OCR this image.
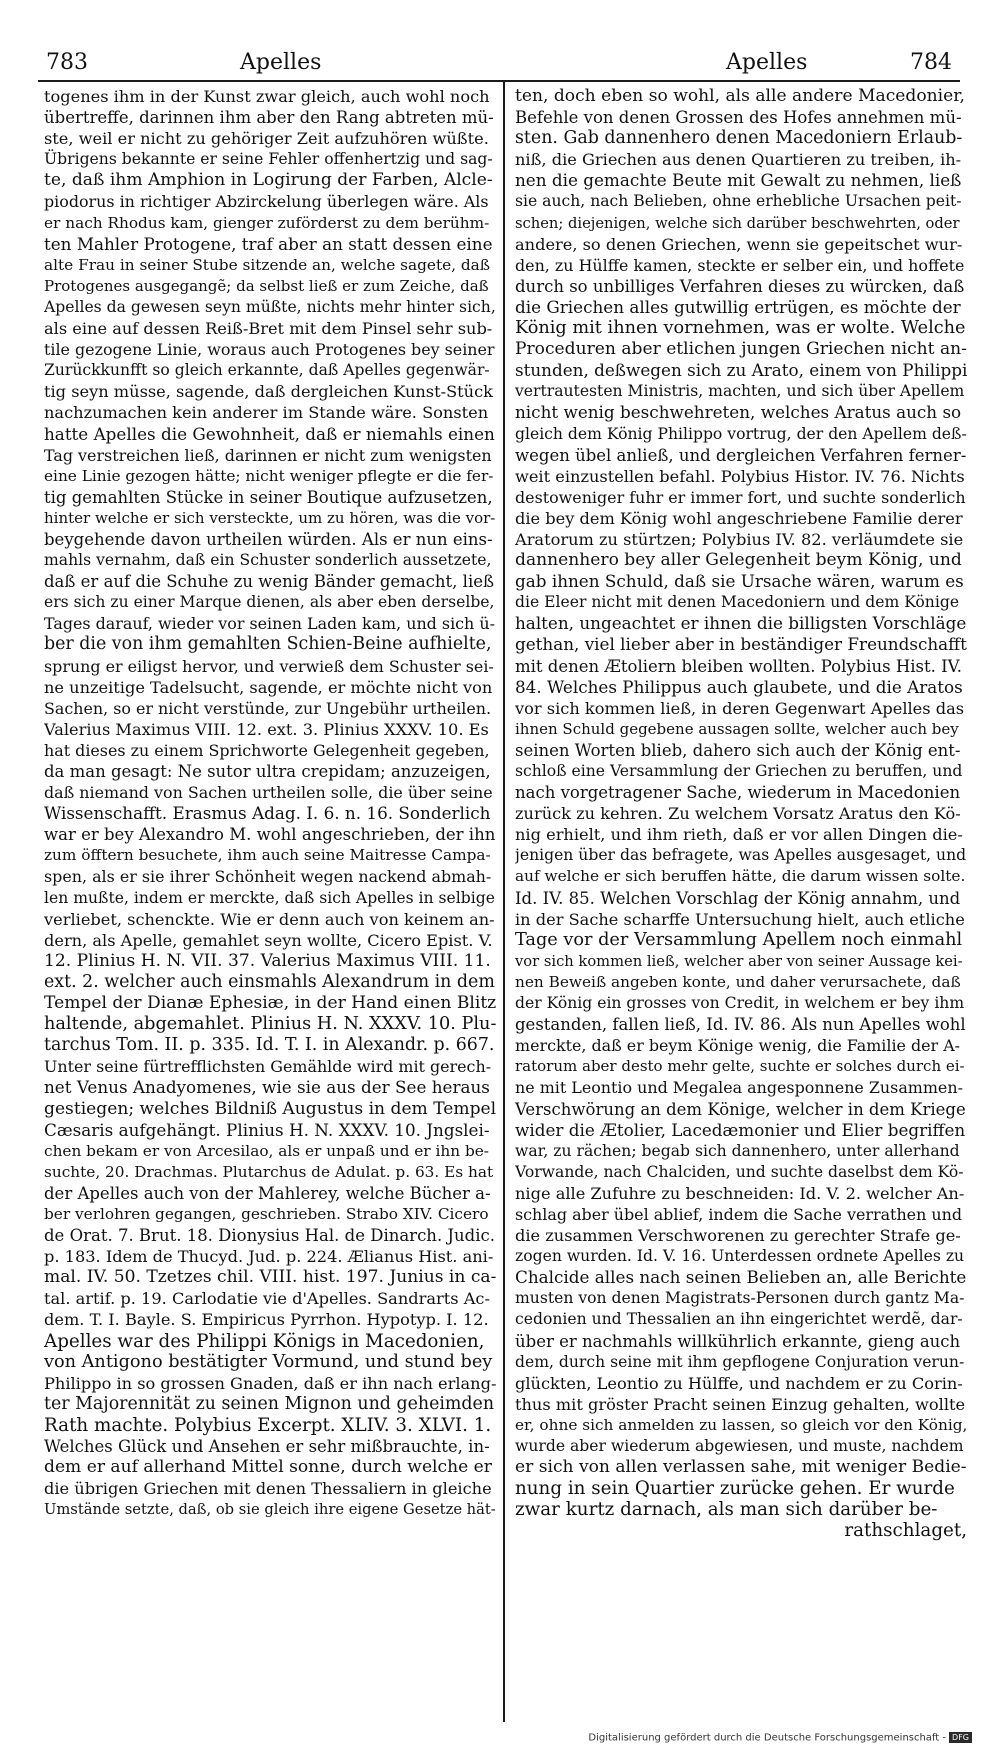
783	Apelles	Apelles	784
togenes ihm in der Kunst zwar gleich, auch wohl noch
übertreffe, darinnen ihm aber den Rang abtreten mü-
ste, weil er nicht zu gehöriger Zeit aufzuhören wüßte.
Übrigens bekannte er seine Fehler offenhertzig und sag-
te, daß ihm Amphion in Logirung der Farben, Alcle-
piodorus in richtiger Abzirckelung überlegen wäre. Als
er nach Rhodus kam, gienger zuförderst zu dem berühm-
ten Mahler Protogene, traf aber an statt dessen eine
alte Frau in seiner Stube sitzende an, welche sagete, daß
Protogenes ausgegangẽ; da selbst ließ er zum Zeiche, daß
Apelles da gewesen seyn müßte, nichts mehr hinter sich,
als eine auf dessen Reiß-Bret mit dem Pinsel sehr sub-
tile gezogene Linie, woraus auch Protogenes bey seiner
Zurückkunfft so gleich erkannte, daß Apelles gegenwär-
tig seyn müsse, sagende, daß dergleichen Kunst-Stück
nachzumachen kein anderer im Stande wäre. Sonsten
hatte Apelles die Gewohnheit, daß er niemahls einen
Tag verstreichen ließ, darinnen er nicht zum wenigsten
eine Linie gezogen hätte; nicht weniger pflegte er die fer-
tig gemahlten Stücke in seiner Boutique aufzusetzen,
hinter welche er sich versteckte, um zu hören, was die vor-
beygehende davon urtheilen würden. Als er nun eins-
mahls vernahm, daß ein Schuster sonderlich aussetzete,
daß er auf die Schuhe zu wenig Bänder gemacht, ließ
ers sich zu einer Marque dienen, als aber eben derselbe,
Tages darauf, wieder vor seinen Laden kam, und sich ü-
ber die von ihm gemahlten Schien-Beine aufhielte,
sprung er eiligst hervor, und verwieß dem Schuster sei-
ne unzeitige Tadelsucht, sagende, er möchte nicht von
Sachen, so er nicht verstünde, zur Ungebühr urtheilen.
Valerius Maximus VIII. 12. ext. 3. Plinius XXXV. 10. Es
hat dieses zu einem Sprichworte Gelegenheit gegeben,
da man gesagt: Ne sutor ultra crepidam; anzuzeigen,
daß niemand von Sachen urtheilen solle, die über seine
Wissenschafft. Erasmus Adag. I. 6. n. 16. Sonderlich
war er bey Alexandro M. wohl angeschrieben, der ihn
zum öfftern besuchete, ihm auch seine Maitresse Campa-
spen, als er sie ihrer Schönheit wegen nackend abmah-
len mußte, indem er merckte, daß sich Apelles in selbige
verliebet, schenckte. Wie er denn auch von keinem an-
dern, als Apelle, gemahlet seyn wollte, Cicero Epist. V.
12. Plinius H. N. VII. 37. Valerius Maximus VIII. 11.
ext. 2. welcher auch einsmahls Alexandrum in dem
Tempel der Dianæ Ephesiæ, in der Hand einen Blitz
haltende, abgemahlet. Plinius H. N. XXXV. 10. Plu-
tarchus Tom. II. p. 335. Id. T. I. in Alexandr. p. 667.
Unter seine fürtrefflichsten Gemählde wird mit gerech-
net Venus Anadyomenes, wie sie aus der See heraus
gestiegen; welches Bildniß Augustus in dem Tempel
Cæsaris aufgehängt. Plinius H. N. XXXV. 10. Jngslei-
chen bekam er von Arcesilao, als er unpaß und er ihn be-
suchte, 20. Drachmas. Plutarchus de Adulat. p. 63. Es hat
der Apelles auch von der Mahlerey, welche Bücher a-
ber verlohren gegangen, geschrieben. Strabo XIV. Cicero
de Orat. 7. Brut. 18. Dionysius Hal. de Dinarch. Judic.
p. 183. Idem de Thucyd. Jud. p. 224. Ælianus Hist. ani-
mal. IV. 50. Tzetzes chil. VIII. hist. 197. Junius in ca-
tal. artif. p. 19. Carlodatie vie d'Apelles. Sandrarts Ac-
dem. T. I. Bayle. S. Empiricus Pyrrhon. Hypotyp. I. 12.
Apelles war des Philippi Königs in Macedonien,
von Antigono bestätigter Vormund, und stund bey
Philippo in so grossen Gnaden, daß er ihn nach erlang-
ter Majorennität zu seinen Mignon und geheimden
Rath machte. Polybius Excerpt. XLIV. 3. XLVI. 1.
Welches Glück und Ansehen er sehr mißbrauchte, in-
dem er auf allerhand Mittel sonne, durch welche er
die übrigen Griechen mit denen Thessaliern in gleiche
Umstände setzte, daß, ob sie gleich ihre eigene Gesetze hät-
ten, doch eben so wohl, als alle andere Macedonier,
Befehle von denen Grossen des Hofes annehmen mü-
sten. Gab dannenhero denen Macedoniern Erlaub-
niß, die Griechen aus denen Quartieren zu treiben, ih-
nen die gemachte Beute mit Gewalt zu nehmen, ließ
sie auch, nach Belieben, ohne erhebliche Ursachen peit-
schen; diejenigen, welche sich darüber beschwehrten, oder
andere, so denen Griechen, wenn sie gepeitschet wur-
den, zu Hülffe kamen, steckte er selber ein, und hoffete
durch so unbilliges Verfahren dieses zu würcken, daß
die Griechen alles gutwillig ertrügen, es möchte der
König mit ihnen vornehmen, was er wolte. Welche
Proceduren aber etlichen jungen Griechen nicht an-
stunden, deßwegen sich zu Arato, einem von Philippi
vertrautesten Ministris, machten, und sich über Apellem
nicht wenig beschwehreten, welches Aratus auch so
gleich dem König Philippo vortrug, der den Apellem deß-
wegen übel anließ, und dergleichen Verfahren ferner-
weit einzustellen befahl. Polybius Histor. IV. 76. Nichts
destoweniger fuhr er immer fort, und suchte sonderlich
die bey dem König wohl angeschriebene Familie derer
Aratorum zu stürtzen; Polybius IV. 82. verläumdete sie
dannenhero bey aller Gelegenheit beym König, und
gab ihnen Schuld, daß sie Ursache wären, warum es
die Eleer nicht mit denen Macedoniern und dem Könige
halten, ungeachtet er ihnen die billigsten Vorschläge
gethan, viel lieber aber in beständiger Freundschafft
mit denen Ætoliern bleiben wollten. Polybius Hist. IV.
84. Welches Philippus auch glaubete, und die Aratos
vor sich kommen ließ, in deren Gegenwart Apelles das
ihnen Schuld gegebene aussagen sollte, welcher auch bey
seinen Worten blieb, dahero sich auch der König ent-
schloß eine Versammlung der Griechen zu beruffen, und
nach vorgetragener Sache, wiederum in Macedonien
zurück zu kehren. Zu welchem Vorsatz Aratus den Kö-
nig erhielt, und ihm rieth, daß er vor allen Dingen die-
jenigen über das befragete, was Apelles ausgesaget, und
auf welche er sich beruffen hätte, die darum wissen solte.
Id. IV. 85. Welchen Vorschlag der König annahm, und
in der Sache scharffe Untersuchung hielt, auch etliche
Tage vor der Versammlung Apellem noch einmahl
vor sich kommen ließ, welcher aber von seiner Aussage kei-
nen Beweiß angeben konte, und daher verursachete, daß
der König ein grosses von Credit, in welchem er bey ihm
gestanden, fallen ließ, Id. IV. 86. Als nun Apelles wohl
merckte, daß er beym Könige wenig, die Familie der A-
ratorum aber desto mehr gelte, suchte er solches durch ei-
ne mit Leontio und Megalea angesponnene Zusammen-
Verschwörung an dem Könige, welcher in dem Kriege
wider die Ætolier, Lacedæmonier und Elier begriffen
war, zu rächen; begab sich dannenhero, unter allerhand
Vorwande, nach Chalciden, und suchte daselbst dem Kö-
nige alle Zufuhre zu beschneiden: Id. V. 2. welcher An-
schlag aber übel ablief, indem die Sache verrathen und
die zusammen Verschworenen zu gerechter Strafe ge-
zogen wurden. Id. V. 16. Unterdessen ordnete Apelles zu
Chalcide alles nach seinen Belieben an, alle Berichte
musten von denen Magistrats-Personen durch gantz Ma-
cedonien und Thessalien an ihn eingerichtet werdẽ, dar-
über er nachmahls willkührlich erkannte, gieng auch
dem, durch seine mit ihm gepflogene Conjuration verun-
glückten, Leontio zu Hülffe, und nachdem er zu Corin-
thus mit gröster Pracht seinen Einzug gehalten, wollte
er, ohne sich anmelden zu lassen, so gleich vor den König,
wurde aber wiederum abgewiesen, und muste, nachdem
er sich von allen verlassen sahe, mit weniger Bedie-
nung in sein Quartier zurücke gehen. Er wurde
zwar kurtz darnach, als man sich darüber be-
rathschlaget,
Digitalisierung gefördert durch die Deutsche Forschungsgemeinschaft - DFG
